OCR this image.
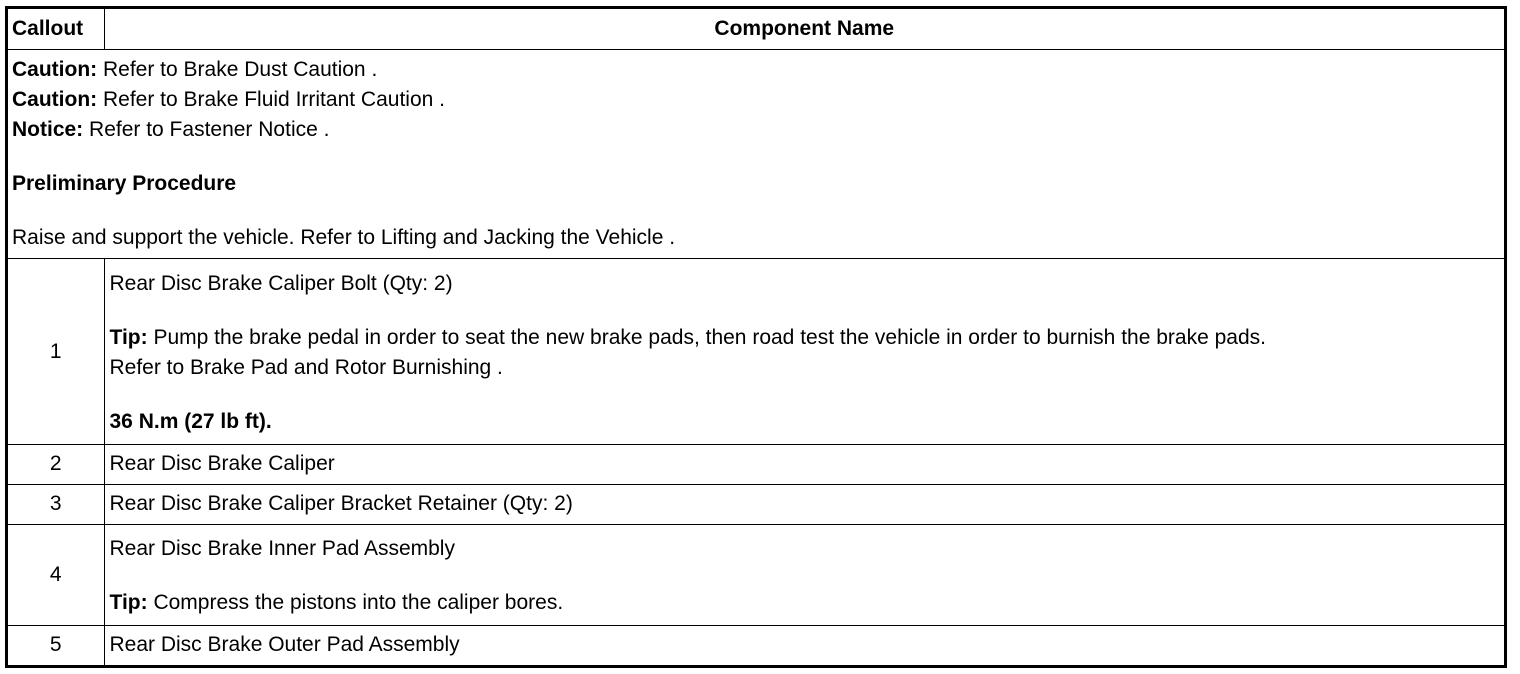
Callout	Component Name

Caution: Refer to Brake Dust Caution .

Caution: Refer to Brake Fluid Irritant Caution .

Notice: Refer to Fastener Notice .

Preliminary Procedure

Raise and support the vehicle. Refer to Lifting and Jacking the Vehicle .	

1	Rear Disc Brake Caliper Bolt (Qty: 2)

Tip: Pump the brake pedal in order to seat the new brake pads, then road test the vehicle in order to burnish the brake pads.

Refer to Brake Pad and Rotor Burnishing .

36 N.m (27 lb ft).

2	Rear Disc Brake Caliper
3	Rear Disc Brake Caliper Bracket Retainer (Qty: 2)
4	Rear Disc Brake Inner Pad Assembly

Tip: Compress the pistons into the caliper bores.

5	Rear Disc Brake Outer Pad Assembly
